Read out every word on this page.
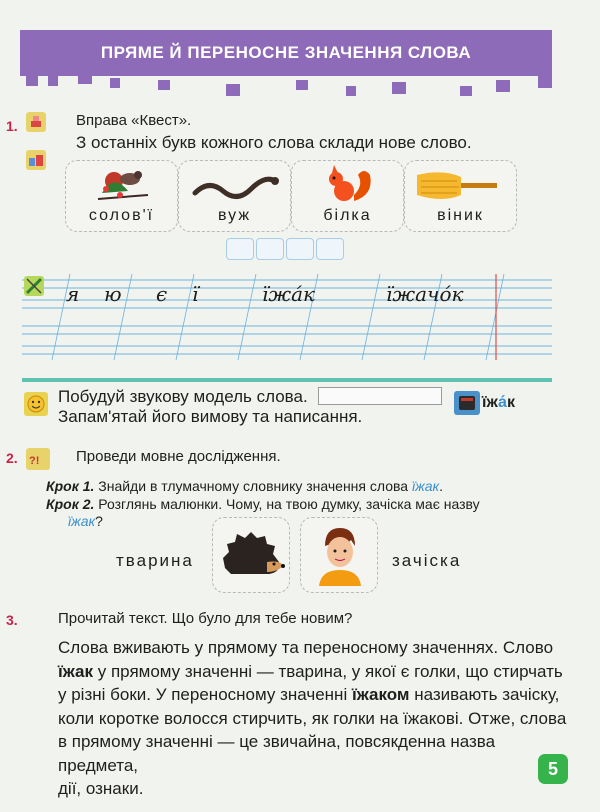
ПРЯМЕ Й ПЕРЕНОСНЕ ЗНАЧЕННЯ СЛОВА
1.	Вправа «Квест».
З останніх букв кожного слова склади нове слово.
солов'ї	вуж	білка	віник
я ю є ї	їжа́к	їжачо́к
Побудуй звукову модель слова.
Запам'ятай його вимову та написання.
їжа́к
2. ?! Проведи мовне дослідження.
Крок 1. Знайди в тлумачному словнику значення слова їжак.
Крок 2. Розглянь малюнки. Чому, на твою думку, зачіска має назву
їжак?
тварина	зачіска
3.	Прочитай текст. Що було для тебе новим?

Слова вживають у прямому та переносному значеннях. Слово

їжак у прямому значенні — тварина, у якої є голки, що стирчать

у різні боки. У переносному значенні їжаком називають зачіску,

коли коротке волосся стирчить, як голки на їжакові. Отже, слова

в прямому значенні — це звичайна, повсякденна назва предмета,

дії, ознаки.

5
